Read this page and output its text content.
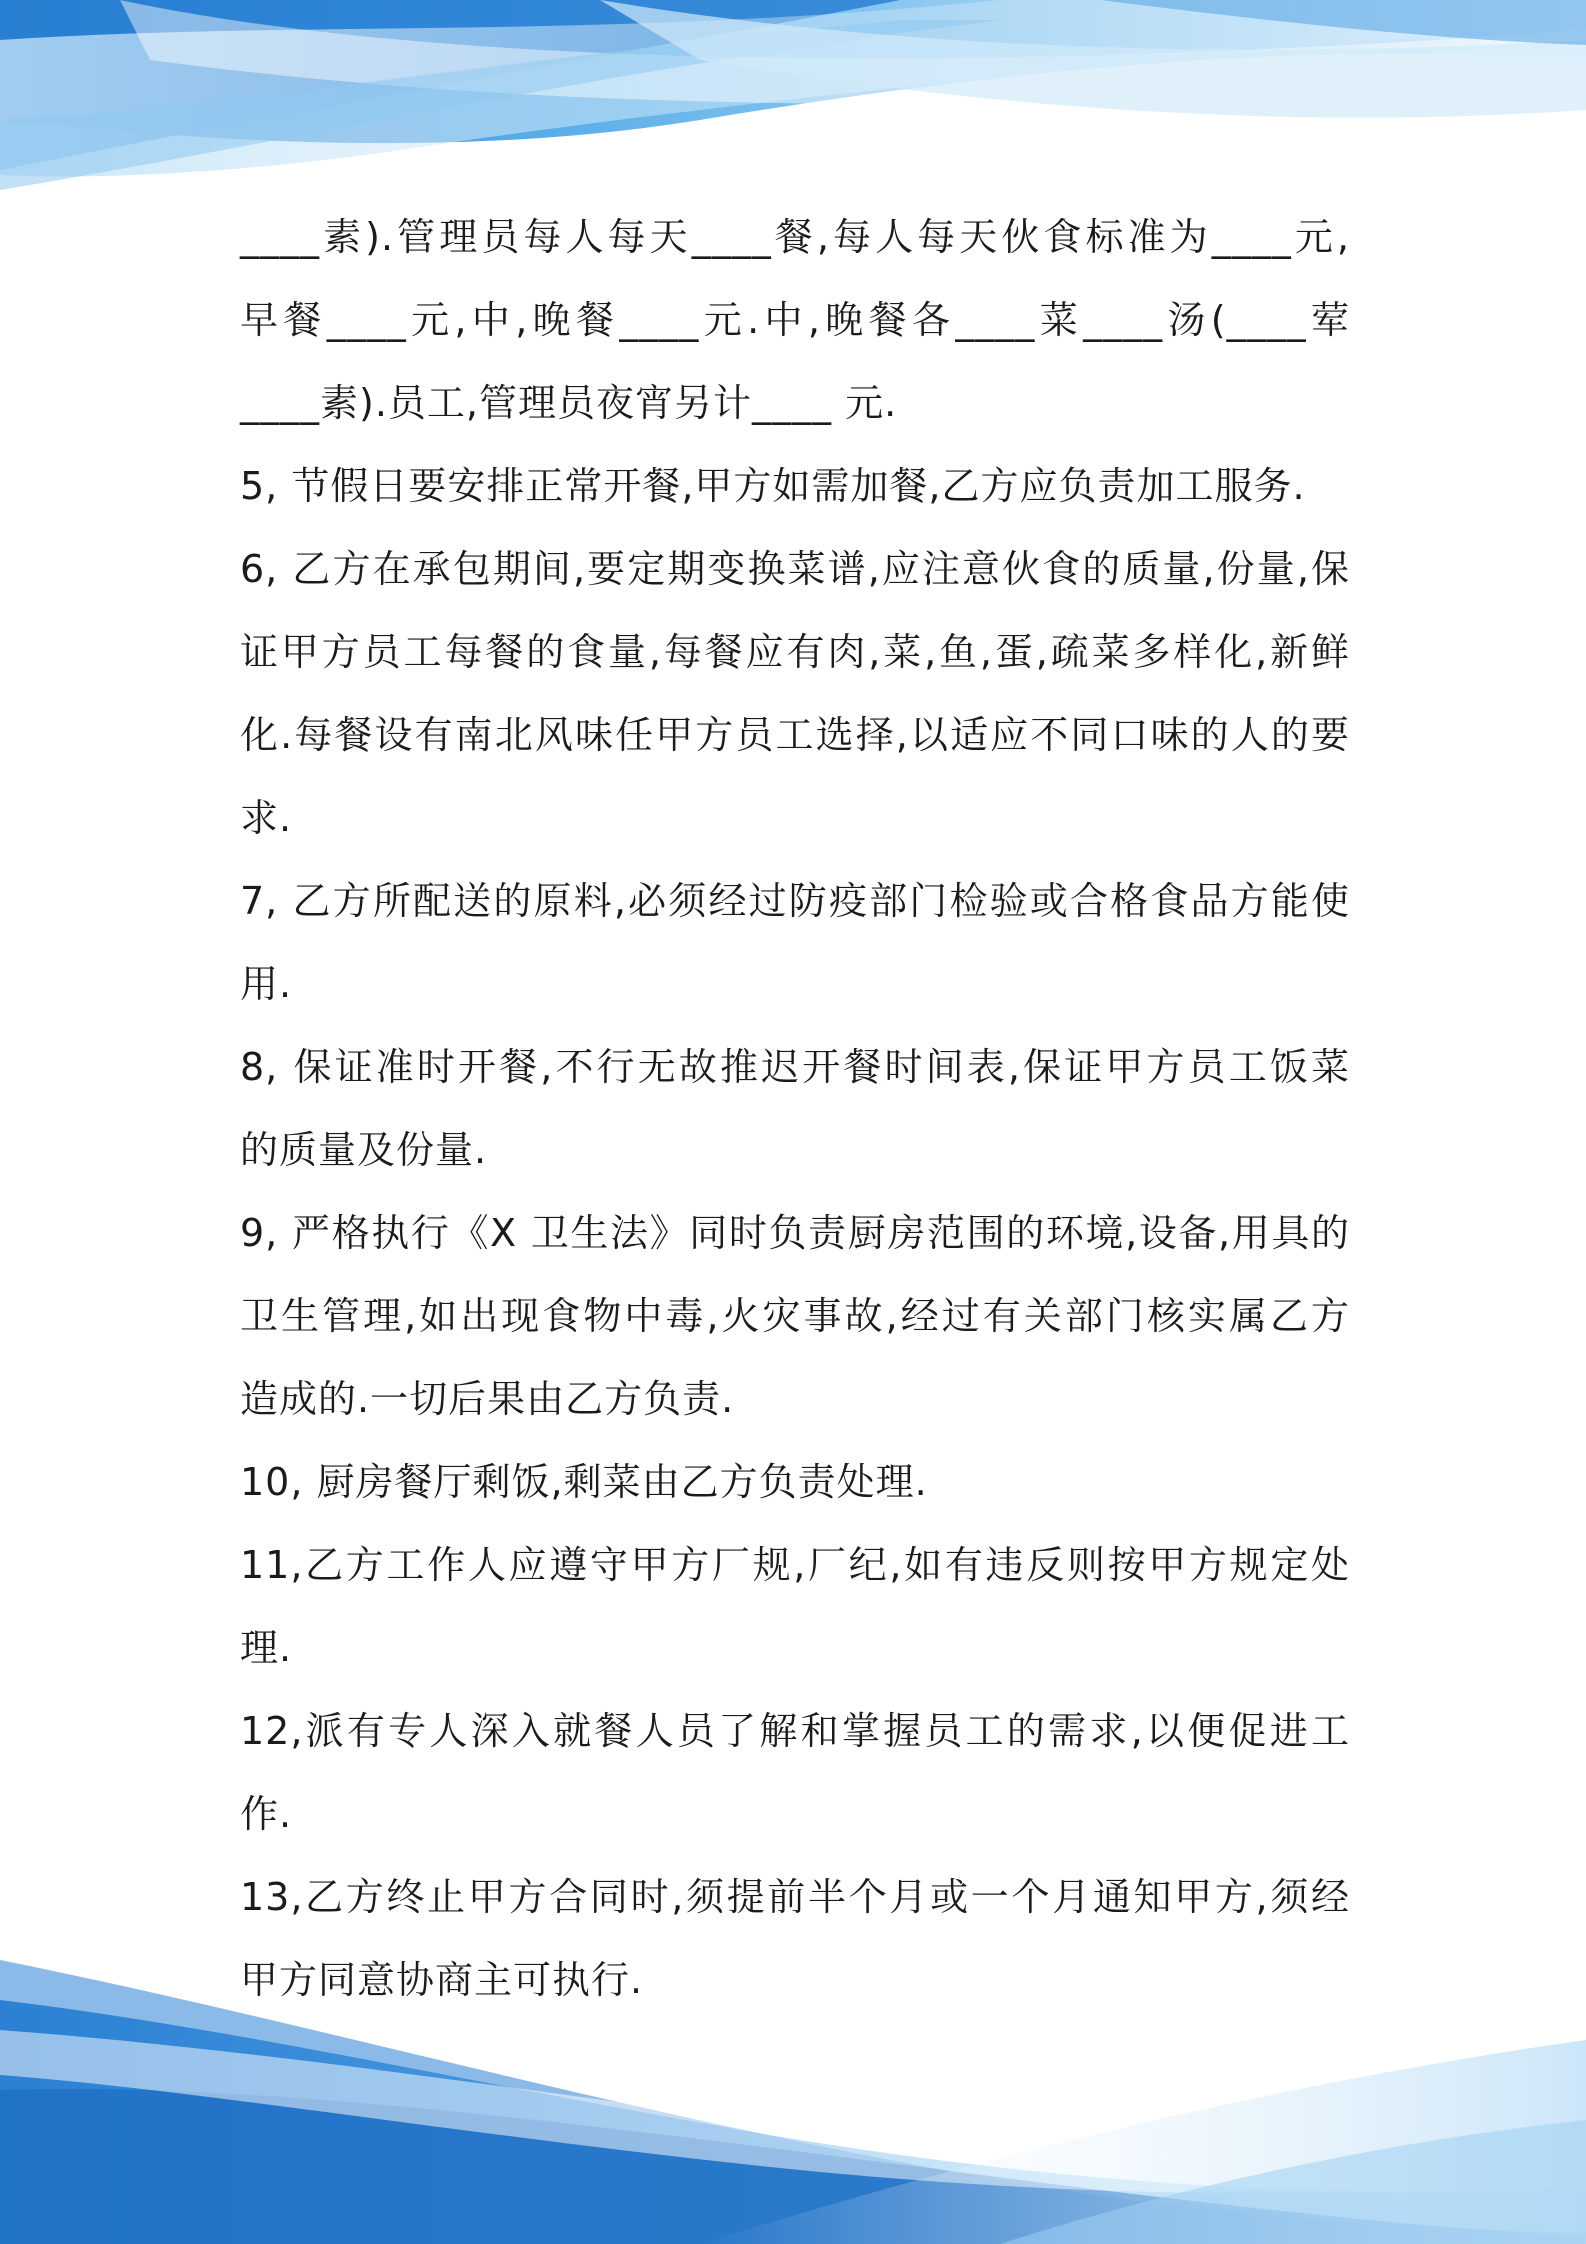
____素).管理员每人每天____餐,每人每天伙食标准为____元,
早餐____元,中,晚餐____元.中,晚餐各____菜____汤(____荤
____素).员工,管理员夜宵另计____ 元.
5, 节假日要安排正常开餐,甲方如需加餐,乙方应负责加工服务.
6, 乙方在承包期间,要定期变换菜谱,应注意伙食的质量,份量,保
证甲方员工每餐的食量,每餐应有肉,菜,鱼,蛋,疏菜多样化,新鲜
化.每餐设有南北风味任甲方员工选择,以适应不同口味的人的要
求.
7, 乙方所配送的原料,必须经过防疫部门检验或合格食品方能使
用.
8, 保证准时开餐,不行无故推迟开餐时间表,保证甲方员工饭菜
的质量及份量.
9, 严格执行《X 卫生法》同时负责厨房范围的环境,设备,用具的
卫生管理,如出现食物中毒,火灾事故,经过有关部门核实属乙方
造成的.一切后果由乙方负责.
10, 厨房餐厅剩饭,剩菜由乙方负责处理.
11,乙方工作人应遵守甲方厂规,厂纪,如有违反则按甲方规定处
理.
12,派有专人深入就餐人员了解和掌握员工的需求,以便促进工
作.
13,乙方终止甲方合同时,须提前半个月或一个月通知甲方,须经
甲方同意协商主可执行.
